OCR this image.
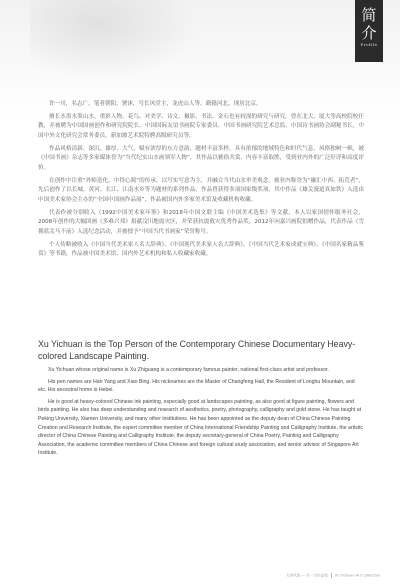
简
介
Profile

许一川，名志广，笔者朝阳，署沐，号长风堂主，龙虎山人等，籍籍河北，现居北京。

擅长水墨水墨山水、重彩人物、花鸟、对美学、诗文、摄影、书法、金石也有较深的研究与研究。曾在北大、厦大等高校院校任教，并被聘为中国国画创作和研究院院长、中国国际友谊书画院专家委员、中国书画研究院艺术总监、中国诗书画协会副秘书长，中国中外文化研究会常务委员，新加坡艺术院特聘高级研究员等。

作品风格清新、深沉、雄厚、大气，赋有浓厚的东方意韵，题材丰富多样，具有浓郁的地域特色和时代气息，风格独树一帜，被《中国书画》杂志等多家媒体誉为“当代纪实山水画领军人物”，其作品以雅俗共赏、内容丰富取胜，受到业内外的广泛好评和高度评价。

在创作中注重“外师造化，中得心源”的传承，以写实写意为主，并融合当代山水审美观念，被业内称誉为“融汇中西、拓荒者”，先后创作了以长城、黄河、长江、江南水乡等为题材的系列作品，作品曾获得多项国家级奖项，其中作品《雄关漫道真如铁》入选由中国美术家协会主办的“全国中国画作品展”，作品被国内外多家美术馆及收藏机构收藏。

代表作被分别收入《1992中国美术家年鉴》和2018年中国文联主编《中国美术选集》等文献，本人以家国情怀服务社会，2008年创作的大幅国画《多难兴邦》捐献汶川地震灾区，并荣获抗震救灾优秀作品奖，2012年向嘉兴画院捐赠作品，代表作品《雪拥蓝关马不前》入选纪念活动，并被授予“中国当代书画家”荣誉称号。

个人传略被收入《中国当代美术家人名大辞典》、《中国现代美术家人名大辞典》、《中国当代艺术家成就宝典》、《中国名家精品鉴赏》等书籍，作品被中国美术馆、国内外艺术机构和私人收藏家收藏。

Xu Yichuan is the Top Person of the Contemporary Chinese Documentary Heavy-colored Landscape Painting.

Xu Yichuan whose original name is Xu Zhiguang is a contemporary famous painter, national first-class artist and professor.

His pen names are Han Yang and Xiao Bing. His nicknames are the Master of Changfeng Hall, the Resident of Longhu Mountain, and etc. His ancestral home is Hebei.

He is good at heavy-colored Chinese ink painting, especially good at landscapes painting, as also good at figure painting, flowers and birds painting. He also has deep understanding and research of aesthetics, poetry, photography, calligraphy and gold stone. He has taught at Peking University, Xiamen University, and many other institutions. He has been appointed as the deputy dean of China Chinese Painting Creation and Research Institute, the expert committee member of China International Friendship Painting and Calligraphy Institute, the artistic director of China Chinese Painting and Calligraphy Institute, the deputy secretary-general of China Poetry, Painting and Calligraphy Association, the academic committee members of China Chinese and foreign cultural study association, and senior advisor of Singapore Art Institute.

大美风韵 — 许一川作品集 Xu Yichuan Art Collection
